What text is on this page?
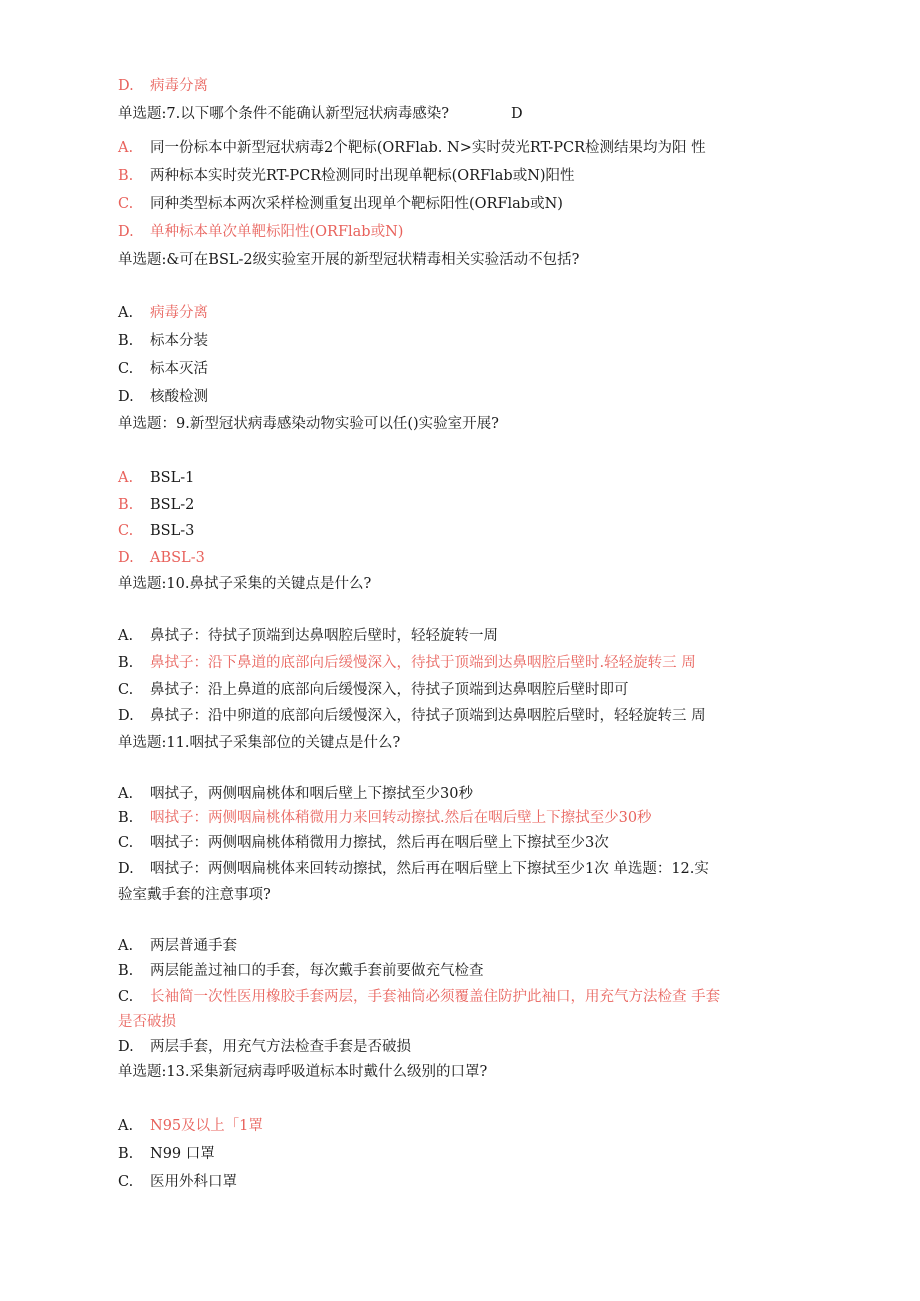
D. 病毒分离
单选题:7.以下哪个条件不能确认新型冠状病毒感染?	D
A. 同一份标本中新型冠状病毒2个靶标(ORFlab. N>实时荧光RT-PCR检测结果均为阳 性
B. 两种标本实时荧光RT-PCR检测同时出现单靶标(ORFlab或N)阳性
C. 同种类型标本两次采样检测重复出现单个靶标阳性(ORFlab或N)
D. 单种标本单次单靶标阳性(ORFlab或N)
单选题:&可在BSL-2级实验室开展的新型冠状精毒相关实验活动不包括?
A. 病毒分离
B. 标本分装
C. 标本灭活
D. 核酸检测
单选题：9.新型冠状病毒感染动物实验可以任()实验室开展?
A. BSL-1
B. BSL-2
C. BSL-3
D. ABSL-3
单选题:10.鼻拭子采集的关键点是什么?
A. 鼻拭子：待拭子顶端到达鼻咽腔后壁时，轻轻旋转一周
B. 鼻拭子：沿下鼻道的底部向后缓慢深入，待拭于顶端到达鼻咽腔后壁时.轻轻旋转三 周
C. 鼻拭子：沿上鼻道的底部向后缓慢深入，待拭子顶端到达鼻咽腔后壁时即可
D. 鼻拭子：沿中卵道的底部向后缓慢深入，待拭子顶端到达鼻咽腔后壁时，轻轻旋转三 周
单选题:11.咽拭子采集部位的关键点是什么?
A. 咽拭子，两侧咽扁桃体和咽后壁上下擦拭至少30秒
B. 咽拭子：两侧咽扁桃体稍微用力来回转动擦拭.然后在咽后壁上下擦拭至少30秒
C. 咽拭子：两侧咽扁桃体稍微用力擦拭，然后再在咽后壁上下擦拭至少3次
D. 咽拭子：两侧咽扁桃体来回转动擦拭，然后再在咽后壁上下擦拭至少1次 单选题：12.实
验室戴手套的注意事项?
A. 两层普通手套
B. 两层能盖过袖口的手套，每次戴手套前要做充气检查
C. 长袖简一次性医用橡胶手套两层，手套袖筒必须覆盖住防护此袖口，用充气方法检查 手套
是否破损
D. 两层手套，用充气方法检查手套是否破损
单选题:13.采集新冠病毒呼吸道标本时戴什么级别的口罩?
A. N95及以上「1罩
B. N99 口罩
C. 医用外科口罩
